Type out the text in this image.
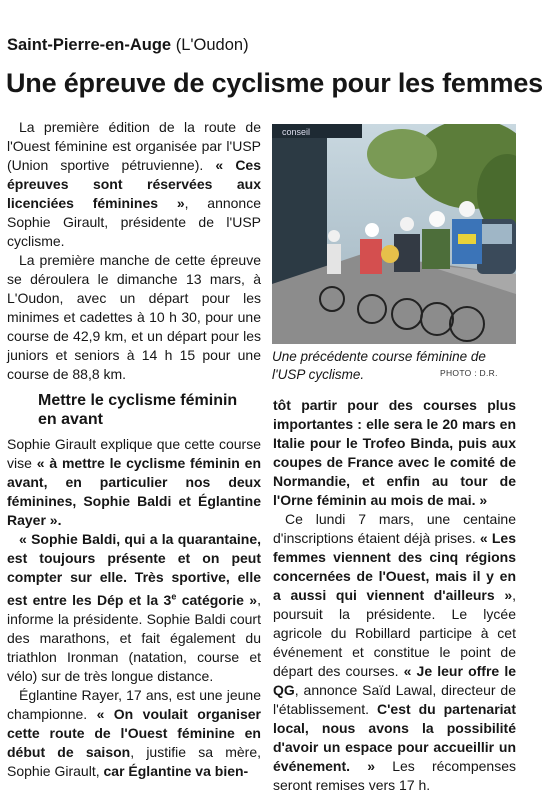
Saint-Pierre-en-Auge (L'Oudon)
Une épreuve de cyclisme pour les femmes

La première édition de la route de l'Ouest féminine est organisée par l'USP (Union sportive pétruvienne). « Ces épreuves sont réservées aux licenciées féminines », annonce Sophie Girault, présidente de l'USP cyclisme.

La première manche de cette épreuve se déroulera le dimanche 13 mars, à L'Oudon, avec un départ pour les minimes et cadettes à 10 h 30, pour une course de 42,9 km, et un départ pour les juniors et seniors à 14 h 15 pour une course de 88,8 km.

Mettre le cyclisme féminin en avant

Sophie Girault explique que cette course vise « à mettre le cyclisme féminin en avant, en particulier nos deux féminines, Sophie Baldi et Églantine Rayer ».

« Sophie Baldi, qui a la quarantaine, est toujours présente et on peut compter sur elle. Très sportive, elle est entre les Dép et la 3e catégorie », informe la présidente. Sophie Baldi court des marathons, et fait également du triathlon Ironman (natation, course et vélo) sur de très longue distance.

Églantine Rayer, 17 ans, est une jeune championne. « On voulait organiser cette route de l'Ouest féminine en début de saison, justifie sa mère, Sophie Girault, car Églantine va bien-

conseil
Une précédente course féminine de l'USP cyclisme.	PHOTO : D.R.

tôt partir pour des courses plus importantes : elle sera le 20 mars en Italie pour le Trofeo Binda, puis aux coupes de France avec le comité de Normandie, et enfin au tour de l'Orne féminin au mois de mai. »

Ce lundi 7 mars, une centaine d'inscriptions étaient déjà prises. « Les femmes viennent des cinq régions concernées de l'Ouest, mais il y en a aussi qui viennent d'ailleurs », poursuit la présidente. Le lycée agricole du Robillard participe à cet événement et constitue le point de départ des courses. « Je leur offre le QG, annonce Saïd Lawal, directeur de l'établissement. C'est du partenariat local, nous avons la possibilité d'avoir un espace pour accueillir un événement. » Les récompenses seront remises vers 17 h.
